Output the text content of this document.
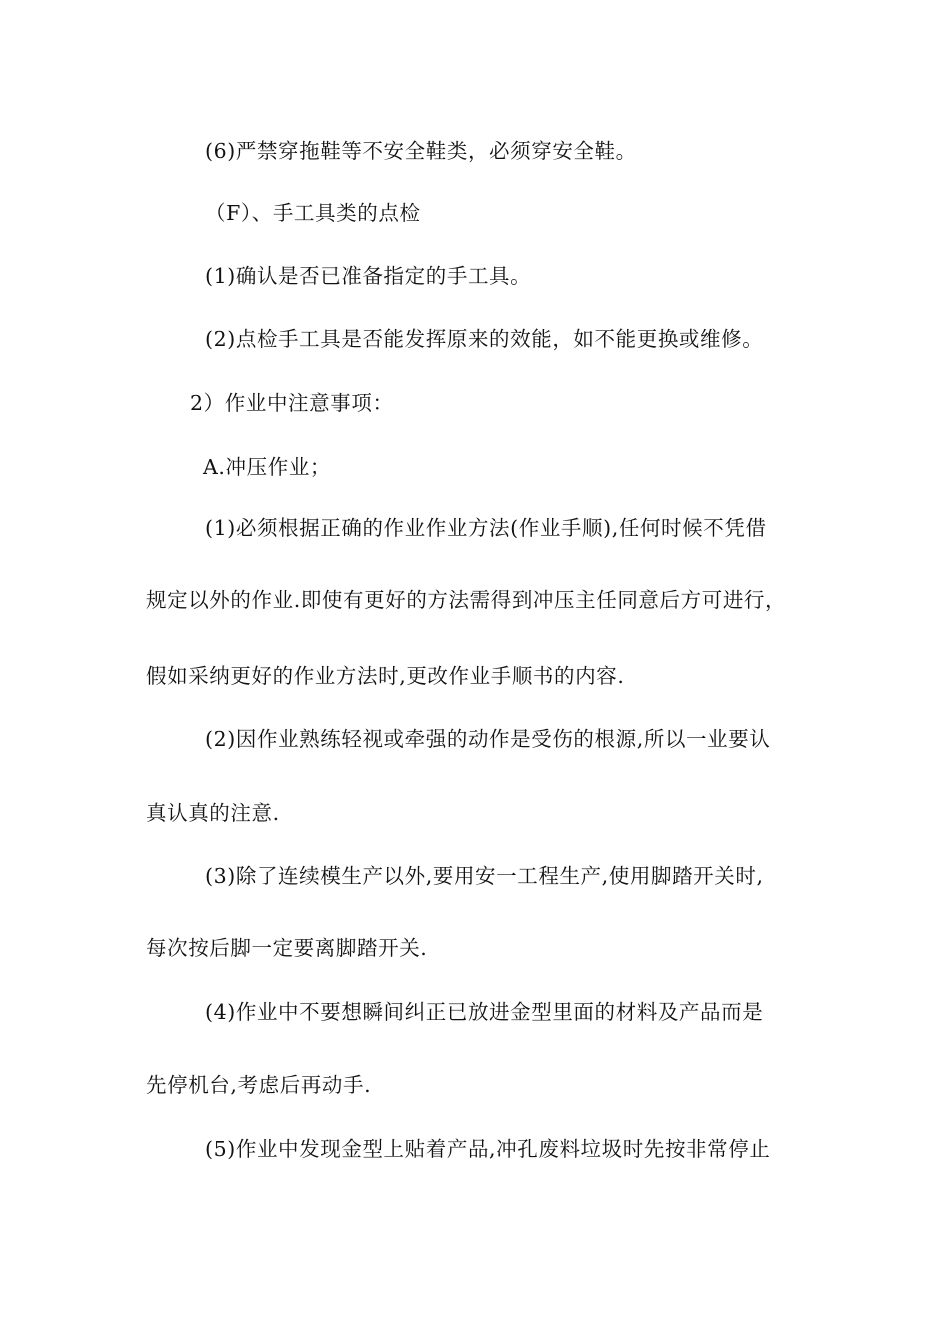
(6)严禁穿拖鞋等不安全鞋类，必须穿安全鞋。
（F）、手工具类的点检
(1)确认是否已准备指定的手工具。
(2)点检手工具是否能发挥原来的效能，如不能更换或维修。
2）作业中注意事项：
A.冲压作业；
(1)必须根据正确的作业作业方法(作业手顺),任何时候不凭借
规定以外的作业.即使有更好的方法需得到冲压主任同意后方可进行，
假如采纳更好的作业方法时,更改作业手顺书的内容.
(2)因作业熟练轻视或牵强的动作是受伤的根源,所以一业要认
真认真的注意.
(3)除了连续模生产以外,要用安一工程生产,使用脚踏开关时,
每次按后脚一定要离脚踏开关.
(4)作业中不要想瞬间纠正已放进金型里面的材料及产品而是
先停机台,考虑后再动手.
(5)作业中发现金型上贴着产品,冲孔废料垃圾时先按非常停止
